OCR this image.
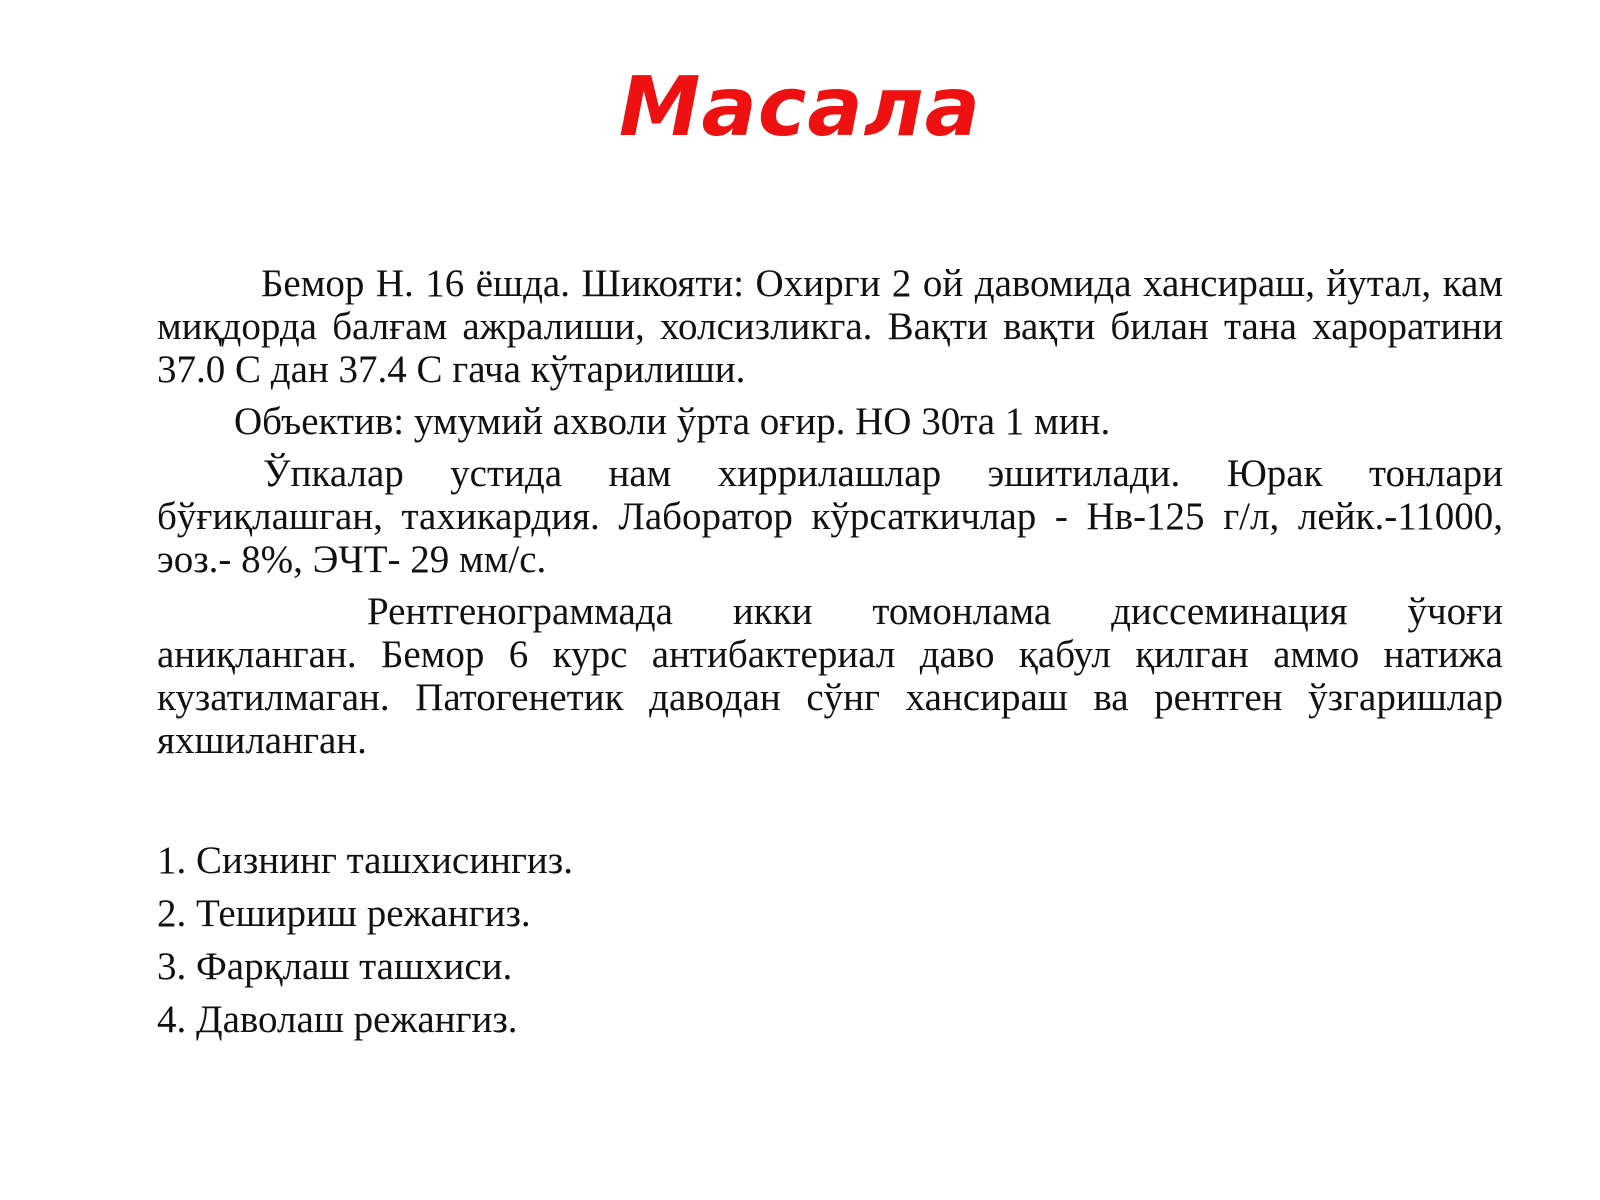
Масала

Бемор Н. 16 ёшда. Шикояти: Охирги 2 ой давомида хансираш, йутал, кам миқдорда балғам ажралиши, холсизликга. Вақти вақти билан тана хароратини 37.0 С дан 37.4 С гача кўтарилиши.

Объектив: умумий ахволи ўрта оғир. НО 30та 1 мин.

Ўпкалар устида нам хиррилашлар эшитилади. Юрак тонлари бўғиқлашган, тахикардия. Лаборатор кўрсаткичлар - Нв-125 г/л, лейк.-11000, эоз.- 8%, ЭЧТ- 29 мм/с.

Рентгенограммада икки томонлама диссеминация ўчоғи аниқланган. Бемор 6 курс антибактериал даво қабул қилган аммо натижа кузатилмаган. Патогенетик даводан сўнг хансираш ва рентген ўзгаришлар яхшиланган.

1. Сизнинг ташхисингиз.
2. Тешириш режангиз.
3. Фарқлаш ташхиси.
4. Даволаш режангиз.
